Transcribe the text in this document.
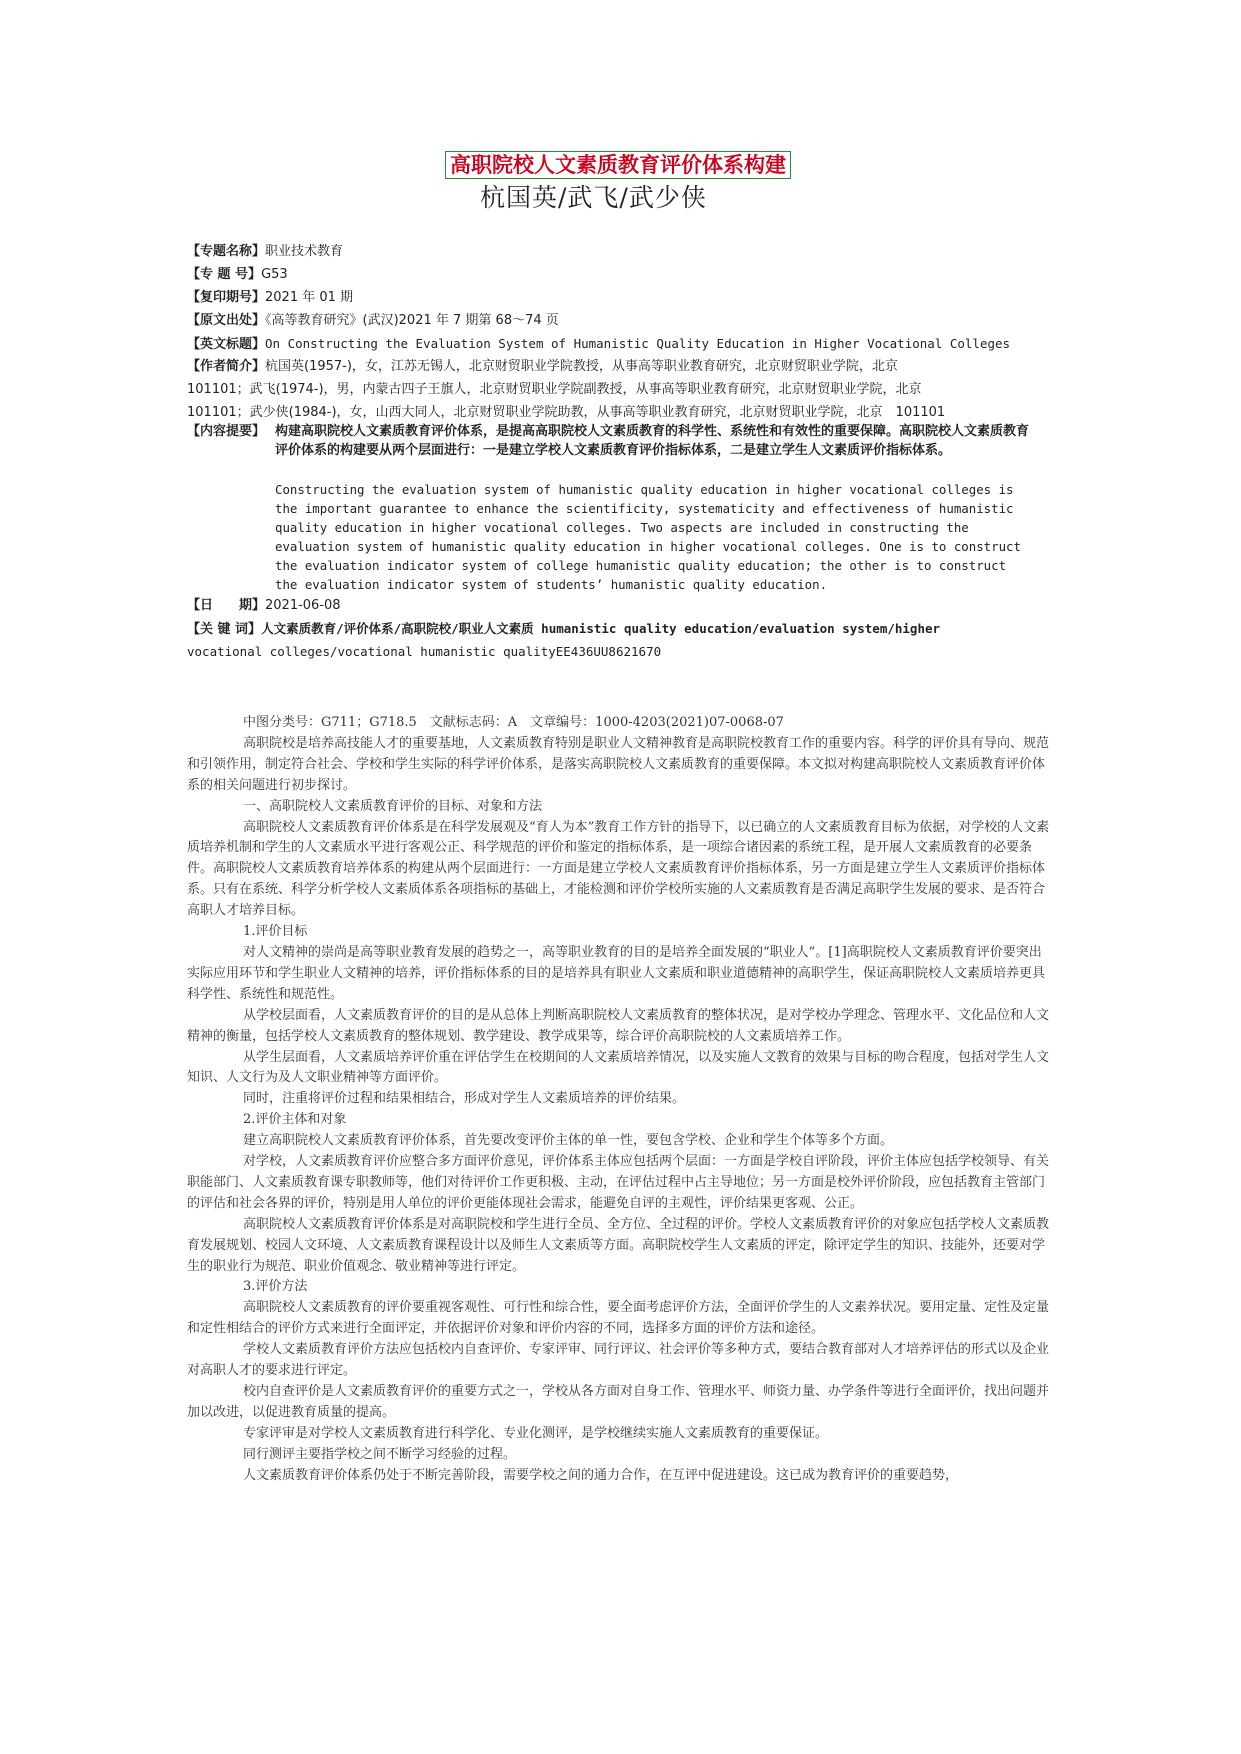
高职院校人文素质教育评价体系构建
杭国英/武飞/武少侠
【专题名称】职业技术教育
【专 题 号】G53
【复印期号】2021 年 01 期
【原文出处】《高等教育研究》(武汉)2021 年 7 期第 68～74 页
【英文标题】On Constructing the Evaluation System of Humanistic Quality Education in Higher Vocational Colleges
【作者简介】杭国英(1957-)，女，江苏无锡人，北京财贸职业学院教授，从事高等职业教育研究，北京财贸职业学院，北京
101101；武飞(1974-)，男，内蒙古四子王旗人，北京财贸职业学院副教授，从事高等职业教育研究，北京财贸职业学院，北京
101101；武少侠(1984-)，女，山西大同人，北京财贸职业学院助教，从事高等职业教育研究，北京财贸职业学院，北京　101101
【内容提要】 构建高职院校人文素质教育评价体系，是提高高职院校人文素质教育的科学性、系统性和有效性的重要保障。高职院校人文素质教育评价体系的构建要从两个层面进行：一是建立学校人文素质教育评价指标体系，二是建立学生人文素质评价指标体系。
Constructing the evaluation system of humanistic quality education in higher vocational colleges is the important guarantee to enhance the scientificity, systematicity and effectiveness of humanistic quality education in higher vocational colleges. Two aspects are included in constructing the evaluation system of humanistic quality education in higher vocational colleges. One is to construct the evaluation indicator system of college humanistic quality education; the other is to construct the evaluation indicator system of students’ humanistic quality education.
【日　　期】2021-06-08
【关 键 词】人文素质教育/评价体系/高职院校/职业人文素质 humanistic quality education/evaluation system/higher
vocational colleges/vocational humanistic qualityEE436UU8621670

中图分类号：G711；G718.5　文献标志码：A　文章编号：1000-4203(2021)07-0068-07

高职院校是培养高技能人才的重要基地，人文素质教育特别是职业人文精神教育是高职院校教育工作的重要内容。科学的评价具有导向、规范和引领作用，制定符合社会、学校和学生实际的科学评价体系，是落实高职院校人文素质教育的重要保障。本文拟对构建高职院校人文素质教育评价体系的相关问题进行初步探讨。

一、高职院校人文素质教育评价的目标、对象和方法

高职院校人文素质教育评价体系是在科学发展观及“育人为本”教育工作方针的指导下，以已确立的人文素质教育目标为依据，对学校的人文素质培养机制和学生的人文素质水平进行客观公正、科学规范的评价和鉴定的指标体系，是一项综合诸因素的系统工程，是开展人文素质教育的必要条件。高职院校人文素质教育培养体系的构建从两个层面进行：一方面是建立学校人文素质教育评价指标体系，另一方面是建立学生人文素质评价指标体系。只有在系统、科学分析学校人文素质体系各项指标的基础上，才能检测和评价学校所实施的人文素质教育是否满足高职学生发展的要求、是否符合高职人才培养目标。

1.评价目标

对人文精神的崇尚是高等职业教育发展的趋势之一，高等职业教育的目的是培养全面发展的“职业人”。[1]高职院校人文素质教育评价要突出实际应用环节和学生职业人文精神的培养，评价指标体系的目的是培养具有职业人文素质和职业道德精神的高职学生，保证高职院校人文素质培养更具科学性、系统性和规范性。

从学校层面看，人文素质教育评价的目的是从总体上判断高职院校人文素质教育的整体状况，是对学校办学理念、管理水平、文化品位和人文精神的衡量，包括学校人文素质教育的整体规划、教学建设、教学成果等，综合评价高职院校的人文素质培养工作。

从学生层面看，人文素质培养评价重在评估学生在校期间的人文素质培养情况，以及实施人文教育的效果与目标的吻合程度，包括对学生人文知识、人文行为及人文职业精神等方面评价。

同时，注重将评价过程和结果相结合，形成对学生人文素质培养的评价结果。

2.评价主体和对象

建立高职院校人文素质教育评价体系，首先要改变评价主体的单一性，要包含学校、企业和学生个体等多个方面。

对学校，人文素质教育评价应整合多方面评价意见，评价体系主体应包括两个层面：一方面是学校自评阶段，评价主体应包括学校领导、有关职能部门、人文素质教育课专职教师等，他们对待评价工作更积极、主动，在评估过程中占主导地位；另一方面是校外评价阶段，应包括教育主管部门的评估和社会各界的评价，特别是用人单位的评价更能体现社会需求，能避免自评的主观性，评价结果更客观、公正。

高职院校人文素质教育评价体系是对高职院校和学生进行全员、全方位、全过程的评价。学校人文素质教育评价的对象应包括学校人文素质教育发展规划、校园人文环境、人文素质教育课程设计以及师生人文素质等方面。高职院校学生人文素质的评定，除评定学生的知识、技能外，还要对学生的职业行为规范、职业价值观念、敬业精神等进行评定。

3.评价方法

高职院校人文素质教育的评价要重视客观性、可行性和综合性，要全面考虑评价方法，全面评价学生的人文素养状况。要用定量、定性及定量和定性相结合的评价方式来进行全面评定，并依据评价对象和评价内容的不同，选择多方面的评价方法和途径。

学校人文素质教育评价方法应包括校内自查评价、专家评审、同行评议、社会评价等多种方式，要结合教育部对人才培养评估的形式以及企业对高职人才的要求进行评定。

校内自查评价是人文素质教育评价的重要方式之一，学校从各方面对自身工作、管理水平、师资力量、办学条件等进行全面评价，找出问题并加以改进，以促进教育质量的提高。

专家评审是对学校人文素质教育进行科学化、专业化测评，是学校继续实施人文素质教育的重要保证。

同行测评主要指学校之间不断学习经验的过程。

人文素质教育评价体系仍处于不断完善阶段，需要学校之间的通力合作，在互评中促进建设。这已成为教育评价的重要趋势，
